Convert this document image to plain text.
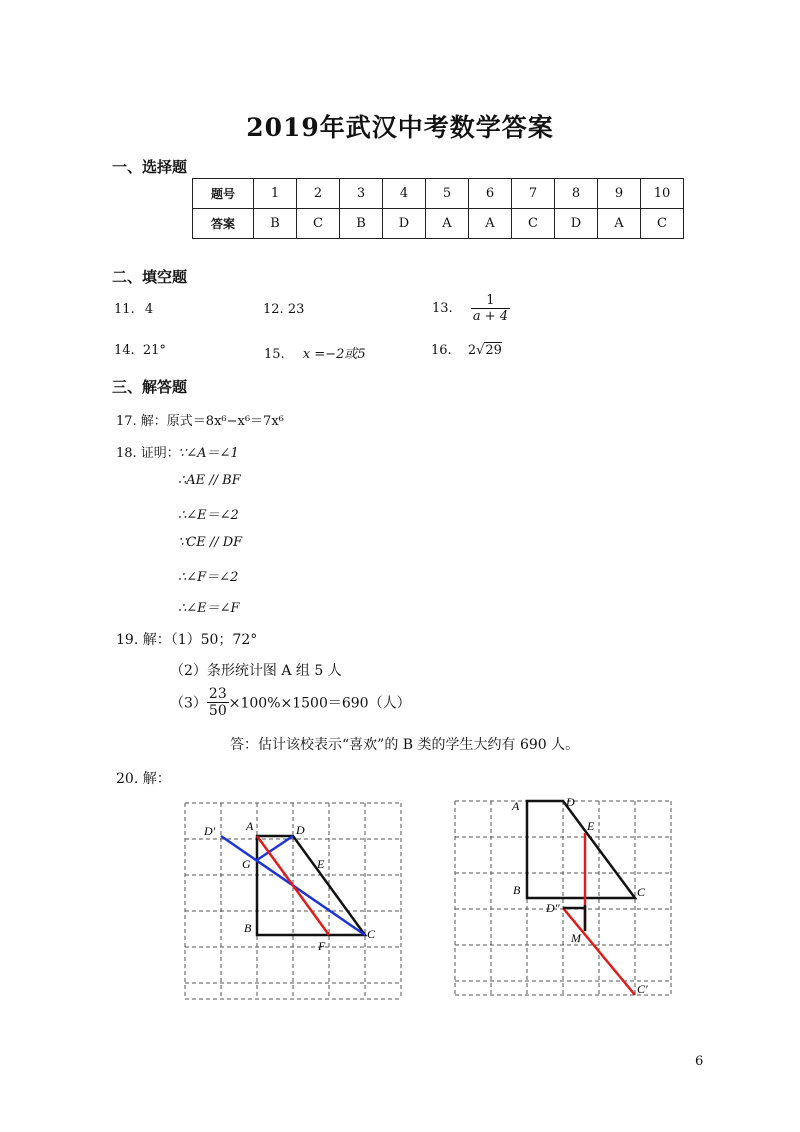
2019年武汉中考数学答案
一、选择题
题号	1	2	3	4	5	6	7	8	9	10
答案	B	C	B	D	A	A	C	D	A	C
二、填空题
11. 4	12. 23	13. $\frac{1}{a + 4}$
14. 21°	15. x =−2或5	16. 2√29
三、解答题
17. 解：原式＝8x⁶−x⁶＝7x⁶
18. 证明：
∵∠A＝∠1
∴AE // BF
∴∠E＝∠2
∵CE // DF
∴∠F＝∠2
∴∠E＝∠F
19. 解：（1）50；72°
（2）条形统计图 A 组 5 人
$(3) \frac{23}{50} \times 100\%\times 1500=690$（人）
答：估计该校表示“喜欢”的 B 类的学生大约有 690 人。
20. 解：
D′	A	D
G	E
B
F
C
A	D
E
B	C
D″
M
C′
6
